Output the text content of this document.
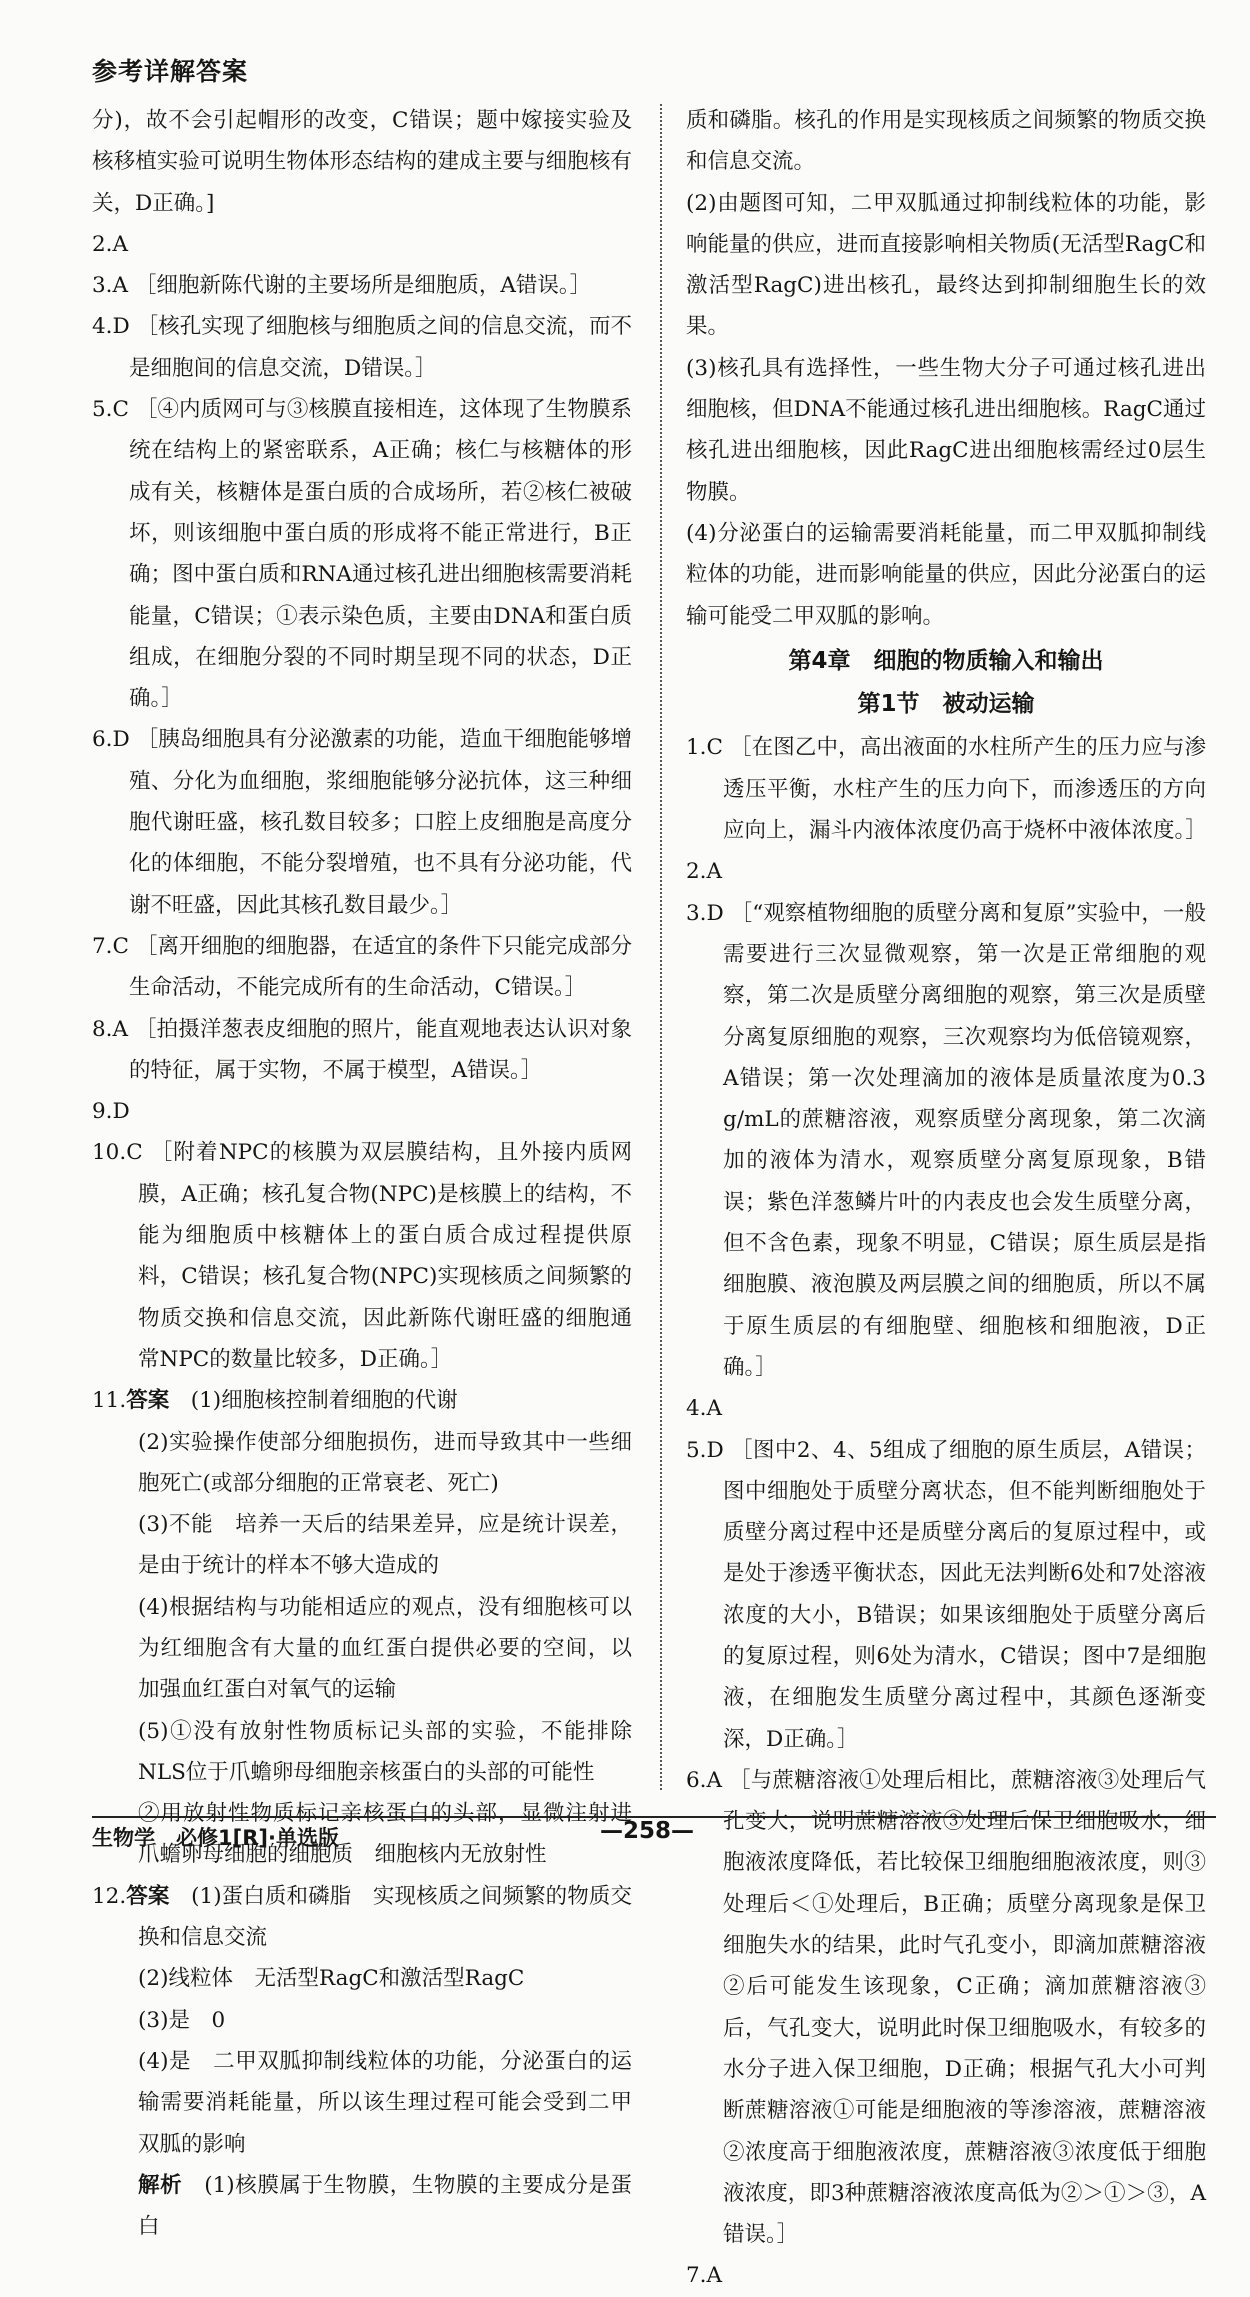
参考详解答案

分)，故不会引起帽形的改变，C错误；题中嫁接实验及核移植实验可说明生物体形态结构的建成主要与细胞核有关，D正确。]

2.A

3.A ［细胞新陈代谢的主要场所是细胞质，A错误。］

4.D ［核孔实现了细胞核与细胞质之间的信息交流，而不是细胞间的信息交流，D错误。］

5.C ［④内质网可与③核膜直接相连，这体现了生物膜系统在结构上的紧密联系，A正确；核仁与核糖体的形成有关，核糖体是蛋白质的合成场所，若②核仁被破坏，则该细胞中蛋白质的形成将不能正常进行，B正确；图中蛋白质和RNA通过核孔进出细胞核需要消耗能量，C错误；①表示染色质，主要由DNA和蛋白质组成，在细胞分裂的不同时期呈现不同的状态，D正确。］

6.D ［胰岛细胞具有分泌激素的功能，造血干细胞能够增殖、分化为血细胞，浆细胞能够分泌抗体，这三种细胞代谢旺盛，核孔数目较多；口腔上皮细胞是高度分化的体细胞，不能分裂增殖，也不具有分泌功能，代谢不旺盛，因此其核孔数目最少。］

7.C ［离开细胞的细胞器，在适宜的条件下只能完成部分生命活动，不能完成所有的生命活动，C错误。］

8.A ［拍摄洋葱表皮细胞的照片，能直观地表达认识对象的特征，属于实物，不属于模型，A错误。］

9.D

10.C ［附着NPC的核膜为双层膜结构，且外接内质网膜，A正确；核孔复合物(NPC)是核膜上的结构，不能为细胞质中核糖体上的蛋白质合成过程提供原料，C错误；核孔复合物(NPC)实现核质之间频繁的物质交换和信息交流，因此新陈代谢旺盛的细胞通常NPC的数量比较多，D正确。］

11.答案　 (1)细胞核控制着细胞的代谢

(2)实验操作使部分细胞损伤，进而导致其中一些细胞死亡(或部分细胞的正常衰老、死亡)

(3)不能　培养一天后的结果差异，应是统计误差，是由于统计的样本不够大造成的

(4)根据结构与功能相适应的观点，没有细胞核可以为红细胞含有大量的血红蛋白提供必要的空间，以加强血红蛋白对氧气的运输

(5)①没有放射性物质标记头部的实验，不能排除NLS位于爪蟾卵母细胞亲核蛋白的头部的可能性

②用放射性物质标记亲核蛋白的头部，显微注射进爪蟾卵母细胞的细胞质　细胞核内无放射性

12.答案　 (1)蛋白质和磷脂　实现核质之间频繁的物质交换和信息交流

(2)线粒体　无活型RagC和激活型RagC

(3)是　0

(4)是　二甲双胍抑制线粒体的功能，分泌蛋白的运输需要消耗能量，所以该生理过程可能会受到二甲双胍的影响

解析　 (1)核膜属于生物膜，生物膜的主要成分是蛋白

质和磷脂。核孔的作用是实现核质之间频繁的物质交换和信息交流。

(2)由题图可知，二甲双胍通过抑制线粒体的功能，影响能量的供应，进而直接影响相关物质(无活型RagC和激活型RagC)进出核孔，最终达到抑制细胞生长的效果。

(3)核孔具有选择性，一些生物大分子可通过核孔进出细胞核，但DNA不能通过核孔进出细胞核。RagC通过核孔进出细胞核，因此RagC进出细胞核需经过0层生物膜。

(4)分泌蛋白的运输需要消耗能量，而二甲双胍抑制线粒体的功能，进而影响能量的供应，因此分泌蛋白的运输可能受二甲双胍的影响。

第4章　细胞的物质输入和输出
第1节　被动运输

1.C ［在图乙中，高出液面的水柱所产生的压力应与渗透压平衡，水柱产生的压力向下，而渗透压的方向应向上，漏斗内液体浓度仍高于烧杯中液体浓度。］

2.A

3.D ［“观察植物细胞的质壁分离和复原”实验中，一般需要进行三次显微观察，第一次是正常细胞的观察，第二次是质壁分离细胞的观察，第三次是质壁分离复原细胞的观察，三次观察均为低倍镜观察，A错误；第一次处理滴加的液体是质量浓度为0.3 g/mL的蔗糖溶液，观察质壁分离现象，第二次滴加的液体为清水，观察质壁分离复原现象，B错误；紫色洋葱鳞片叶的内表皮也会发生质壁分离，但不含色素，现象不明显，C错误；原生质层是指细胞膜、液泡膜及两层膜之间的细胞质，所以不属于原生质层的有细胞壁、细胞核和细胞液，D正确。］

4.A

5.D ［图中2、4、5组成了细胞的原生质层，A错误；图中细胞处于质壁分离状态，但不能判断细胞处于质壁分离过程中还是质壁分离后的复原过程中，或是处于渗透平衡状态，因此无法判断6处和7处溶液浓度的大小，B错误；如果该细胞处于质壁分离后的复原过程，则6处为清水，C错误；图中7是细胞液，在细胞发生质壁分离过程中，其颜色逐渐变深，D正确。］

6.A ［与蔗糖溶液①处理后相比，蔗糖溶液③处理后气孔变大，说明蔗糖溶液③处理后保卫细胞吸水，细胞液浓度降低，若比较保卫细胞细胞液浓度，则③处理后＜①处理后，B正确；质壁分离现象是保卫细胞失水的结果，此时气孔变小，即滴加蔗糖溶液②后可能发生该现象，C正确；滴加蔗糖溶液③后，气孔变大，说明此时保卫细胞吸水，有较多的水分子进入保卫细胞，D正确；根据气孔大小可判断蔗糖溶液①可能是细胞液的等渗溶液，蔗糖溶液②浓度高于细胞液浓度，蔗糖溶液③浓度低于细胞液浓度，即3种蔗糖溶液浓度高低为②＞①＞③，A错误。］

7.A

生物学　必修1[R]·单选版	—258—
